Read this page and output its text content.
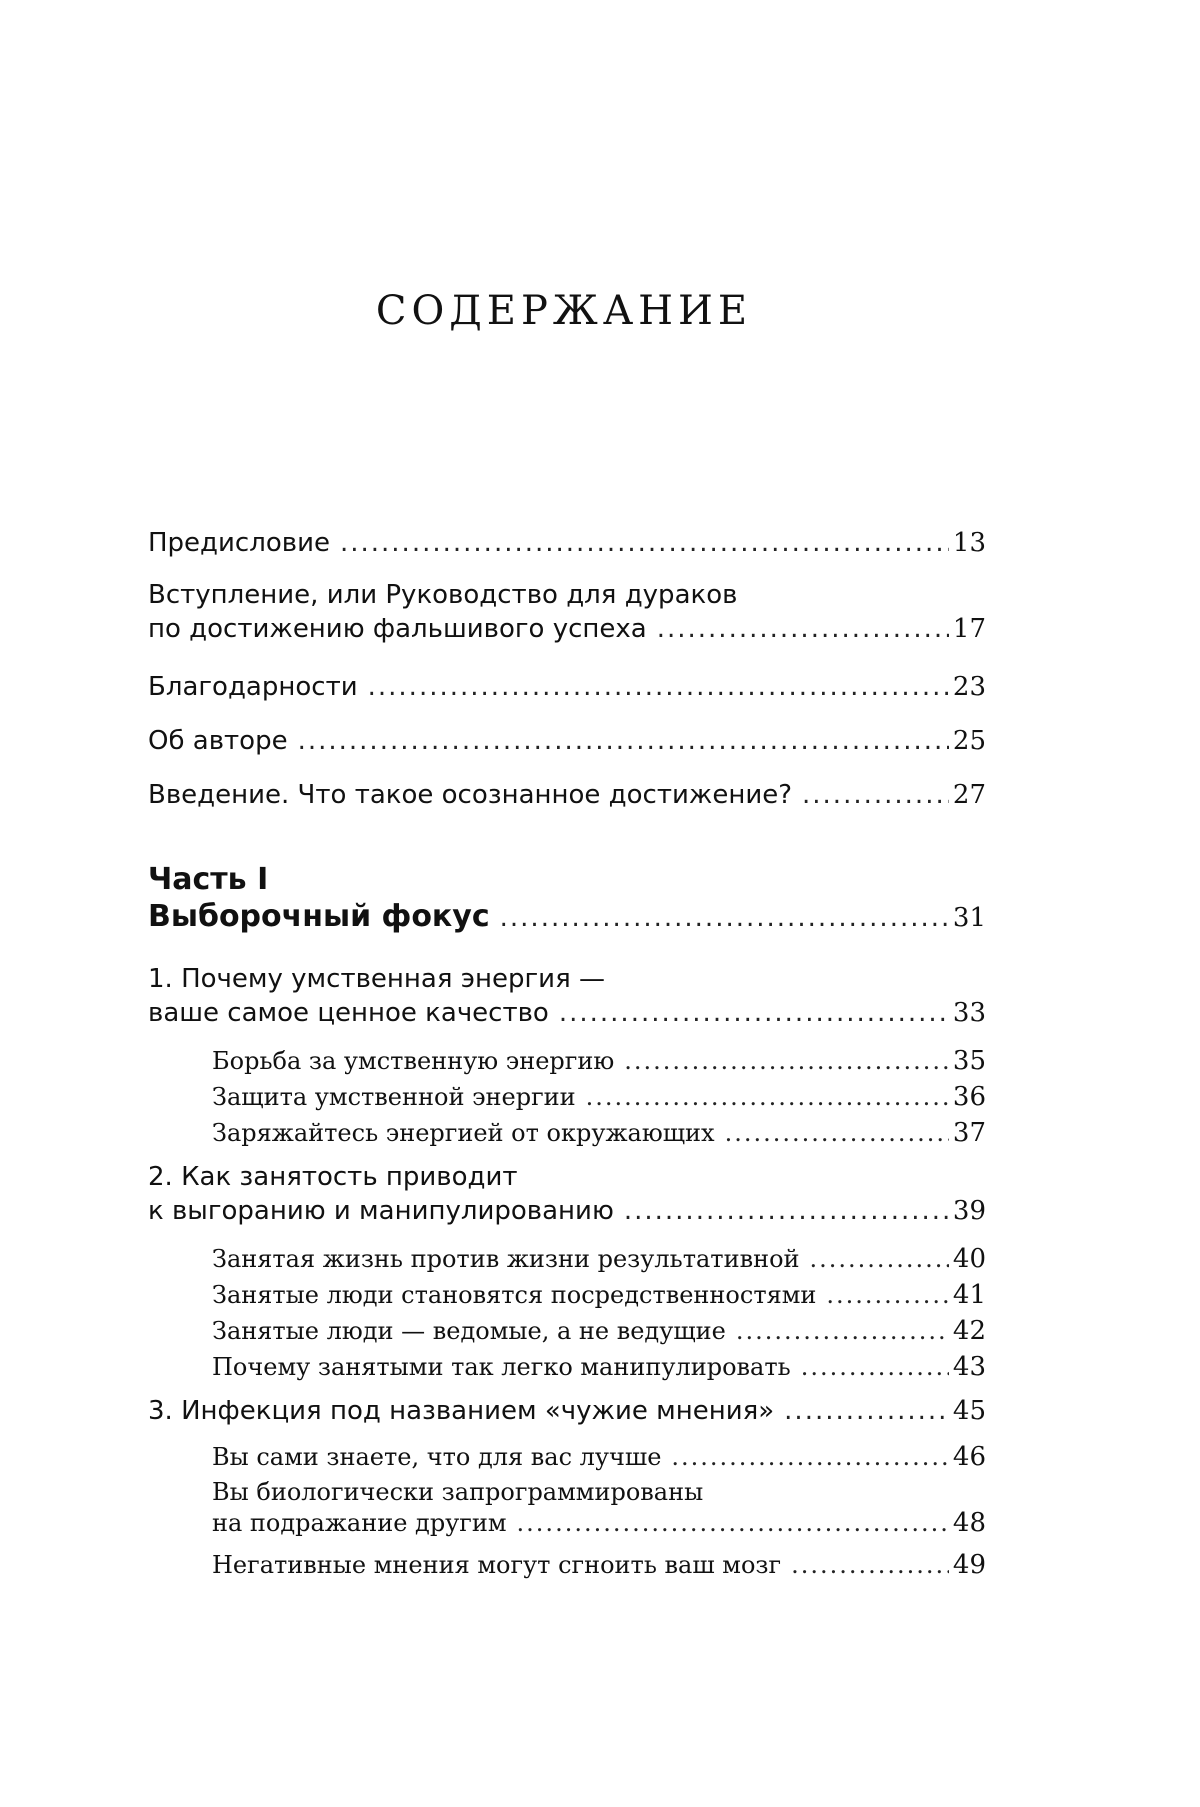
СОДЕРЖАНИЕ
Предисловие .....	13
Вступление, или Руководство для дураков
по достижению фальшивого успеха .....	17
Благодарности .....	23
Об авторе .....	25
Введение. Что такое осознанное достижение? .....	27
Часть I
Выборочный фокус .....	31
1. Почему умственная энергия —
ваше самое ценное качество .....	33
Борьба за умственную энергию .....	35
Защита умственной энергии .....	36
Заряжайтесь энергией от окружающих .....	37
2. Как занятость приводит
к выгоранию и манипулированию .....	39
Занятая жизнь против жизни результативной .....	40
Занятые люди становятся посредственностями .....	41
Занятые люди — ведомые, а не ведущие .....	42
Почему занятыми так легко манипулировать .....	43
3. Инфекция под названием «чужие мнения» .....	45
Вы сами знаете, что для вас лучше .....	46
Вы биологически запрограммированы
на подражание другим .....	48
Негативные мнения могут сгноить ваш мозг .....	49
